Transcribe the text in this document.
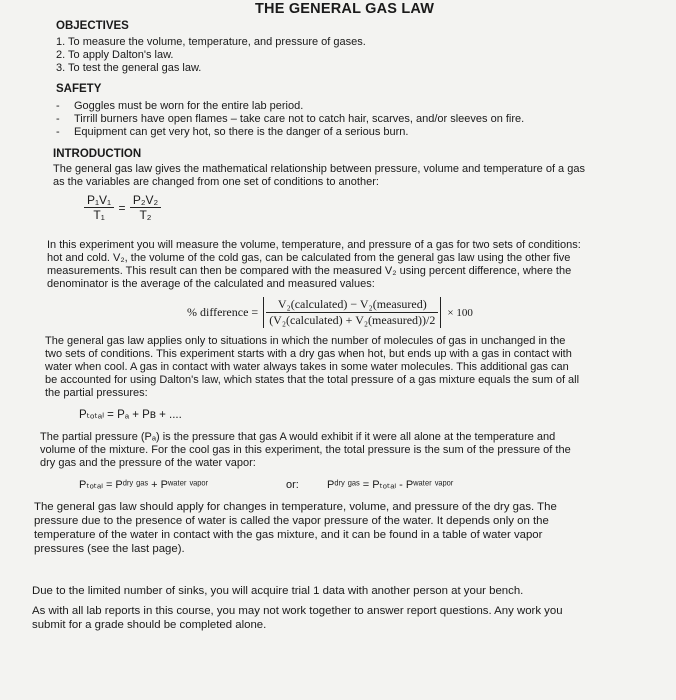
THE GENERAL GAS LAW
OBJECTIVES
1. To measure the volume, temperature, and pressure of gases.
2. To apply Dalton's law.
3. To test the general gas law.
SAFETY
- Goggles must be worn for the entire lab period.
- Tirrill burners have open flames – take care not to catch hair, scarves, and/or sleeves on fire.
- Equipment can get very hot, so there is the danger of a serious burn.
INTRODUCTION
The general gas law gives the mathematical relationship between pressure, volume and temperature of a gas
as the variables are changed from one set of conditions to another:
$\frac{\text{P₁V₁}}{\text{T₁}} = \frac{\text{P₂V₂}}{\text{T₂}}$
In this experiment you will measure the volume, temperature, and pressure of a gas for two sets of conditions:
hot and cold. V₂, the volume of the cold gas, can be calculated from the general gas law using the other five
measurements. This result can then be compared with the measured V₂ using percent difference, where the
denominator is the average of the calculated and measured values:
% difference = $\frac{\text{V₂(calculated) − V₂(measured)}}{\text{(V₂(calculated) + V₂(measured))/2}} \times 100$
The general gas law applies only to situations in which the number of molecules of gas in unchanged in the
two sets of conditions. This experiment starts with a dry gas when hot, but ends up with a gas in contact with
water when cool. A gas in contact with water always takes in some water molecules. This additional gas can
be accounted for using Dalton's law, which states that the total pressure of a gas mixture equals the sum of all
the partial pressures:
Pₜₒₜₐₗ = Pₐ + Pʙ + ....
The partial pressure (Pₐ) is the pressure that gas A would exhibit if it were all alone at the temperature and
volume of the mixture. For the cool gas in this experiment, the total pressure is the sum of the pressure of the
dry gas and the pressure of the water vapor:
Pₜₒₜₐₗ = Pᵈʳʸ ᵍᵃˢ + Pʷᵃᵗᵉʳ ᵛᵃᵖᵒʳ	or:	Pᵈʳʸ ᵍᵃˢ = Pₜₒₜₐₗ - Pʷᵃᵗᵉʳ ᵛᵃᵖᵒʳ
The general gas law should apply for changes in temperature, volume, and pressure of the dry gas. The
pressure due to the presence of water is called the vapor pressure of the water. It depends only on the
temperature of the water in contact with the gas mixture, and it can be found in a table of water vapor
pressures (see the last page).
Due to the limited number of sinks, you will acquire trial 1 data with another person at your bench.
As with all lab reports in this course, you may not work together to answer report questions. Any work you
submit for a grade should be completed alone.
